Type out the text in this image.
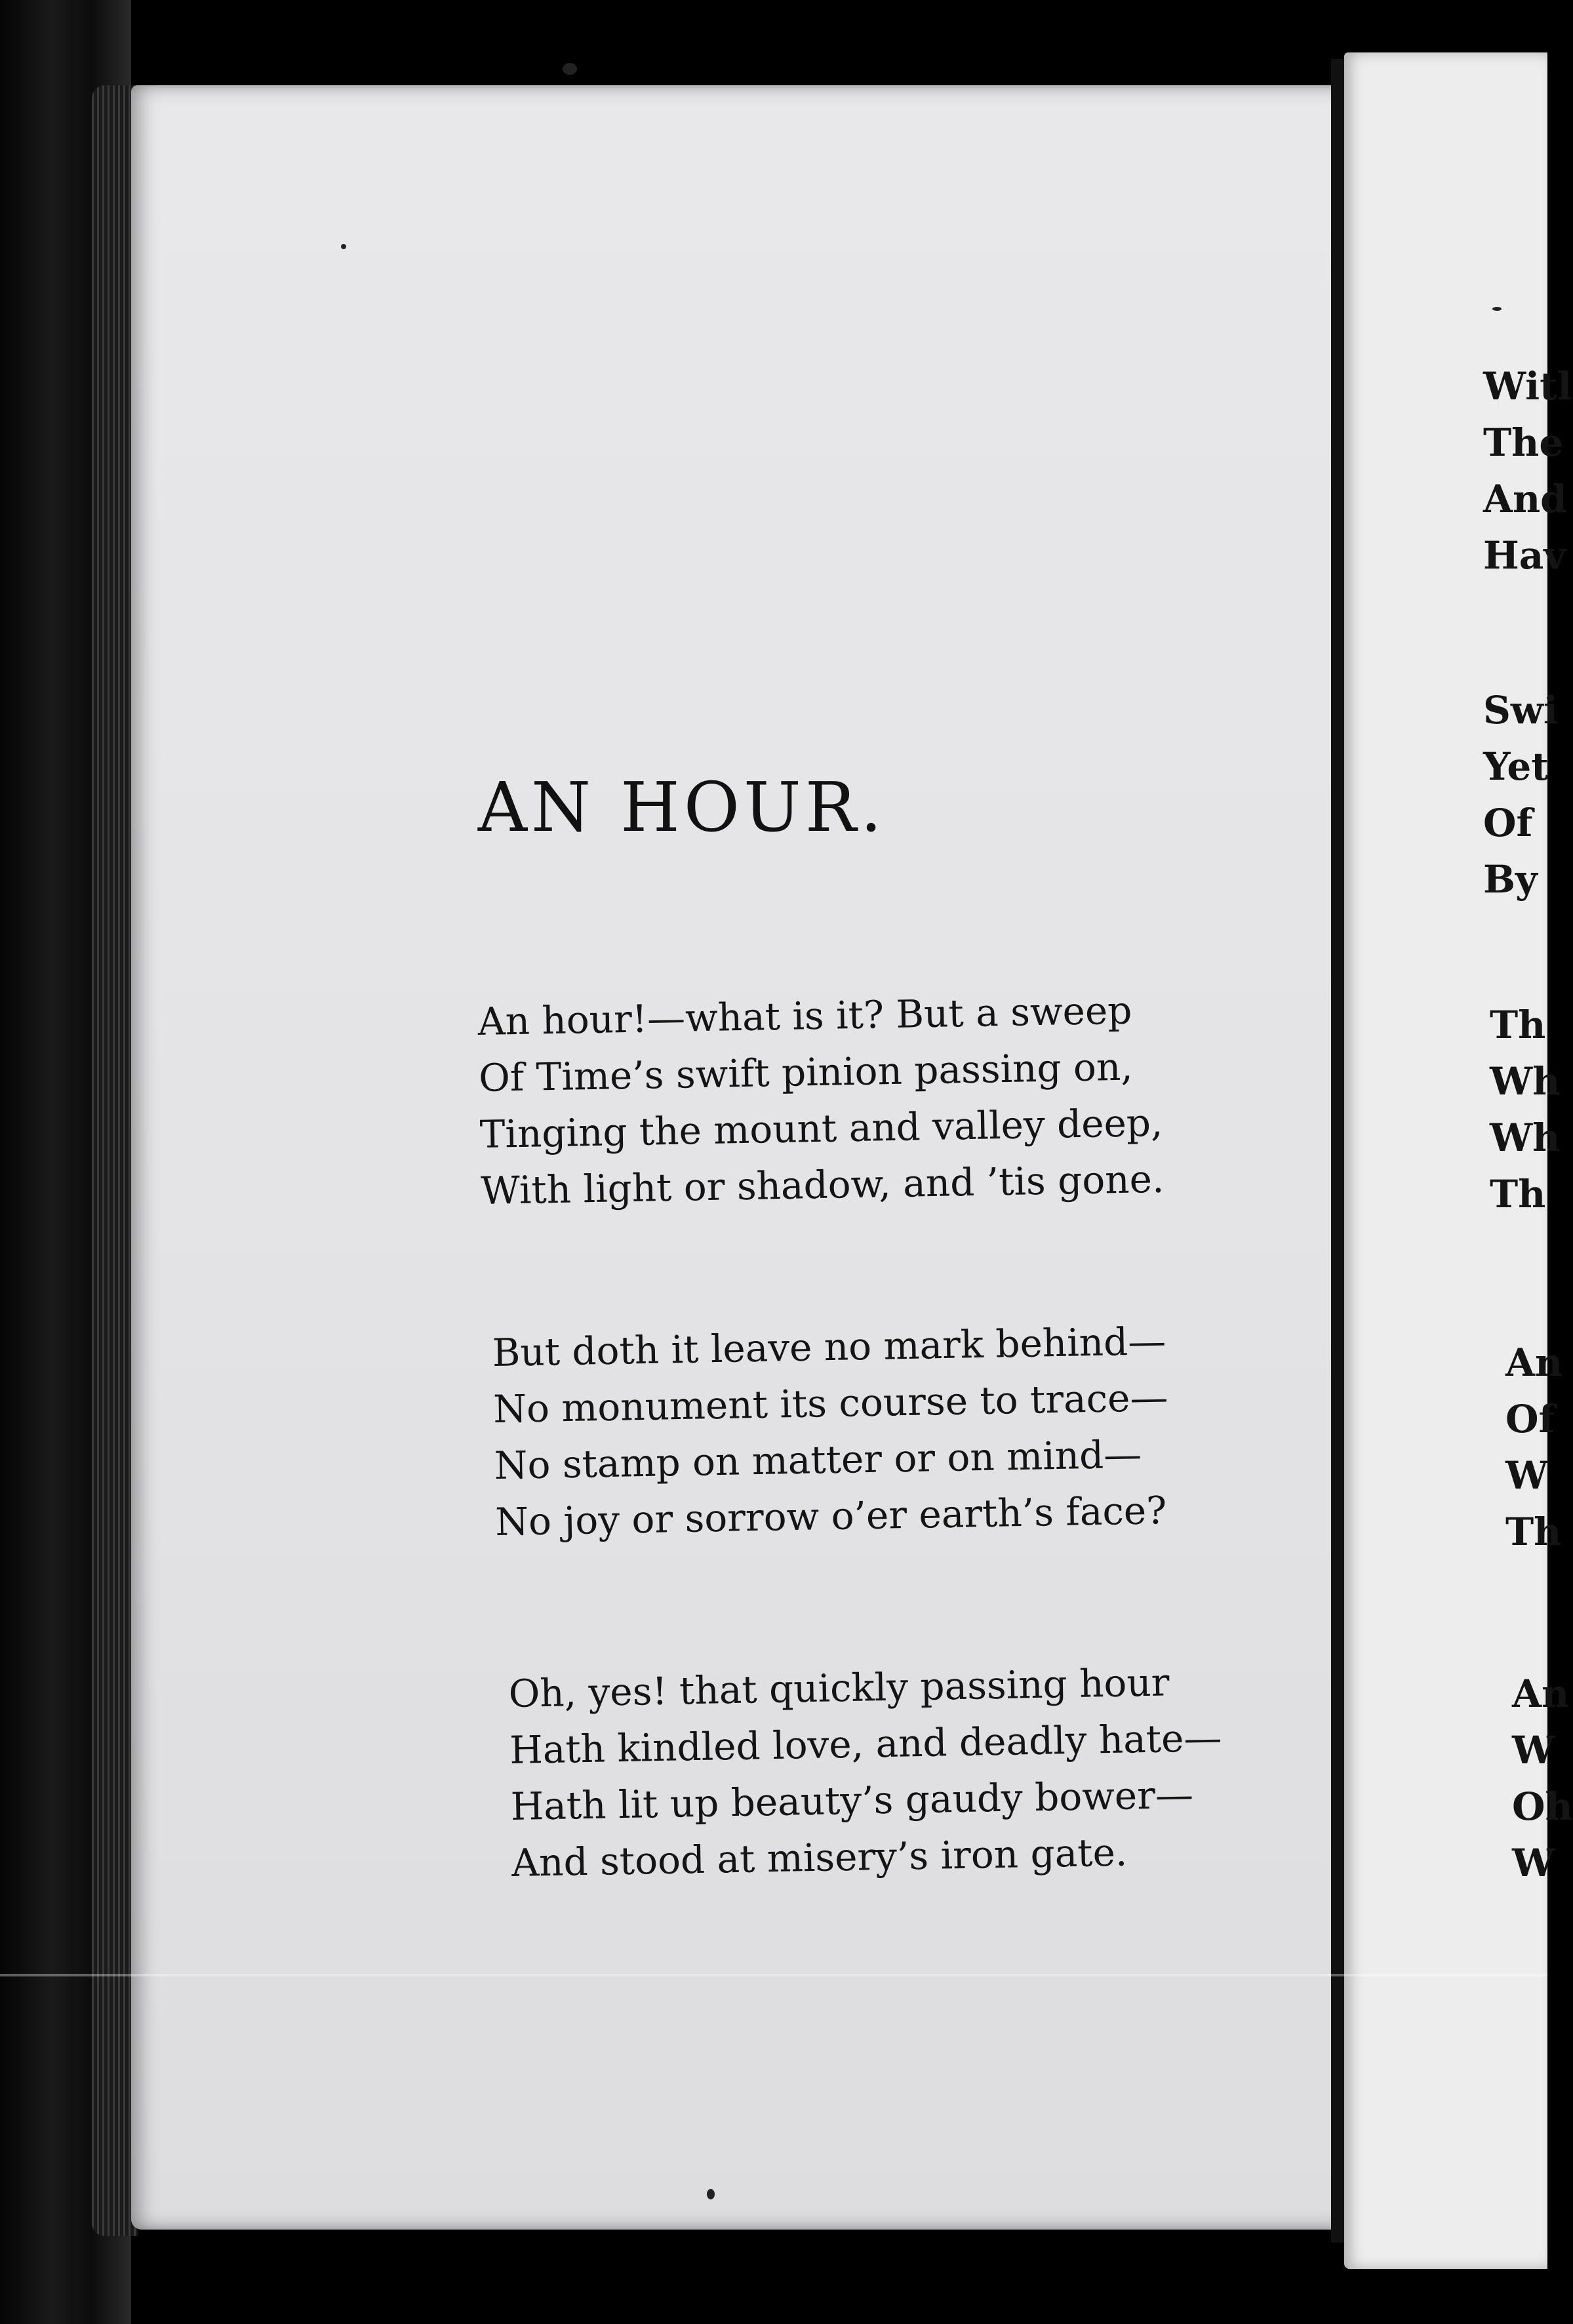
AN HOUR.
An hour!—what is it? But a sweep
Of Time’s swift pinion passing on,
Tinging the mount and valley deep,
With light or shadow, and ’tis gone.
But doth it leave no mark behind—
No monument its course to trace—
No stamp on matter or on mind—
No joy or sorrow o’er earth’s face?
Oh, yes! that quickly passing hour
Hath kindled love, and deadly hate—
Hath lit up beauty’s gaudy bower—
And stood at misery’s iron gate.
Witl
The
And
Hav
Swi
Yet
Of
By
Th
Wh
Wh
Th
An
Of
W
Th
An
W
Oh
W
